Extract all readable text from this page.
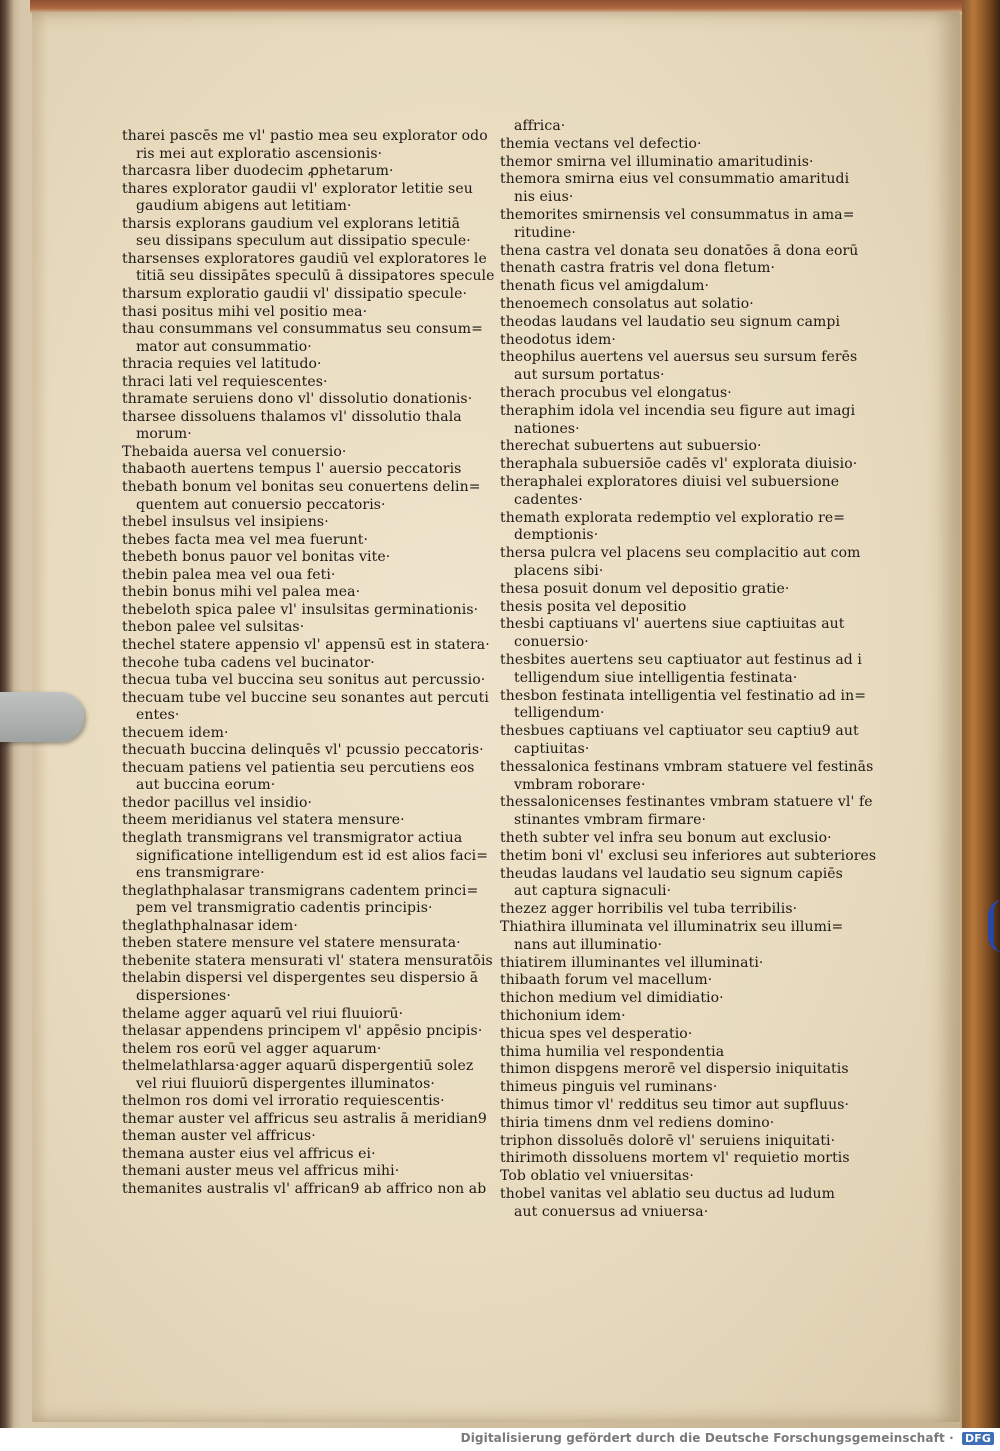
tharei pascēs me vl' pastio mea seu explorator odo
ris mei aut exploratio ascensionis·
tharcasra liber duodecim ꝓphetarum·
thares explorator gaudii vl' explorator letitie seu
gaudium abigens aut letitiam·
tharsis explorans gaudium vel explorans letitiā
seu dissipans speculum aut dissipatio specule·
tharsenses exploratores gaudiū vel exploratores le
titiā seu dissipātes speculū ā dissipatores specule
tharsum exploratio gaudii vl' dissipatio specule·
thasi positus mihi vel positio mea·
thau consummans vel consummatus seu consum=
mator aut consummatio·
thracia requies vel latitudo·
thraci lati vel requiescentes·
thramate seruiens dono vl' dissolutio donationis·
tharsee dissoluens thalamos vl' dissolutio thala
morum·
Thebaida auersa vel conuersio·
thabaoth auertens tempus l' auersio peccatoris
thebath bonum vel bonitas seu conuertens delin=
quentem aut conuersio peccatoris·
thebel insulsus vel insipiens·
thebes facta mea vel mea fuerunt·
thebeth bonus pauor vel bonitas vite·
thebin palea mea vel oua feti·
thebin bonus mihi vel palea mea·
thebeloth spica palee vl' insulsitas germinationis·
thebon palee vel sulsitas·
thechel statere appensio vl' appensū est in statera·
thecohe tuba cadens vel bucinator·
thecua tuba vel buccina seu sonitus aut percussio·
thecuam tube vel buccine seu sonantes aut percuti
entes·
thecuem idem·
thecuath buccina delinquēs vl' pcussio peccatoris·
thecuam patiens vel patientia seu percutiens eos
aut buccina eorum·
thedor pacillus vel insidio·
theem meridianus vel statera mensure·
theglath transmigrans vel transmigrator actiua
significatione intelligendum est id est alios faci=
ens transmigrare·
theglathphalasar transmigrans cadentem princi=
pem vel transmigratio cadentis principis·
theglathphalnasar idem·
theben statere mensure vel statere mensurata·
thebenite statera mensurati vl' statera mensuratōis
thelabin dispersi vel dispergentes seu dispersio ā
dispersiones·
thelame agger aquarū vel riui fluuiorū·
thelasar appendens principem vl' appēsio pncipis·
thelem ros eorū vel agger aquarum·
thelmelathlarsa·agger aquarū dispergentiū solez
vel riui fluuiorū dispergentes illuminatos·
thelmon ros domi vel irroratio requiescentis·
themar auster vel affricus seu astralis ā meridian9
theman auster vel affricus·
themana auster eius vel affricus ei·
themani auster meus vel affricus mihi·
themanites australis vl' affrican9 ab affrico non ab
affrica·
themia vectans vel defectio·
themor smirna vel illuminatio amaritudinis·
themora smirna eius vel consummatio amaritudi
nis eius·
themorites smirnensis vel consummatus in ama=
ritudine·
thena castra vel donata seu donatōes ā dona eorū
thenath castra fratris vel dona fletum·
thenath ficus vel amigdalum·
thenoemech consolatus aut solatio·
theodas laudans vel laudatio seu signum campi
theodotus idem·
theophilus auertens vel auersus seu sursum ferēs
aut sursum portatus·
therach procubus vel elongatus·
theraphim idola vel incendia seu figure aut imagi
nationes·
therechat subuertens aut subuersio·
theraphala subuersiōe cadēs vl' explorata diuisio·
theraphalei exploratores diuisi vel subuersione
cadentes·
themath explorata redemptio vel exploratio re=
demptionis·
thersa pulcra vel placens seu complacitio aut com
placens sibi·
thesa posuit donum vel depositio gratie·
thesis posita vel depositio
thesbi captiuans vl' auertens siue captiuitas aut
conuersio·
thesbites auertens seu captiuator aut festinus ad i
telligendum siue intelligentia festinata·
thesbon festinata intelligentia vel festinatio ad in=
telligendum·
thesbues captiuans vel captiuator seu captiu9 aut
captiuitas·
thessalonica festinans vmbram statuere vel festinās
vmbram roborare·
thessalonicenses festinantes vmbram statuere vl' fe
stinantes vmbram firmare·
theth subter vel infra seu bonum aut exclusio·
thetim boni vl' exclusi seu inferiores aut subteriores
theudas laudans vel laudatio seu signum capiēs
aut captura signaculi·
thezez agger horribilis vel tuba terribilis·
Thiathira illuminata vel illuminatrix seu illumi=
nans aut illuminatio·
thiatirem illuminantes vel illuminati·
thibaath forum vel macellum·
thichon medium vel dimidiatio·
thichonium idem·
thicua spes vel desperatio·
thima humilia vel respondentia
thimon dispgens merorē vel dispersio iniquitatis
thimeus pinguis vel ruminans·
thimus timor vl' redditus seu timor aut supfluus·
thiria timens dnm vel rediens domino·
triphon dissoluēs dolorē vl' seruiens iniquitati·
thirimoth dissoluens mortem vl' requietio mortis
Tob oblatio vel vniuersitas·
thobel vanitas vel ablatio seu ductus ad ludum
aut conuersus ad vniuersa·
Digitalisierung gefördert durch die Deutsche Forschungsgemeinschaft · DFG
